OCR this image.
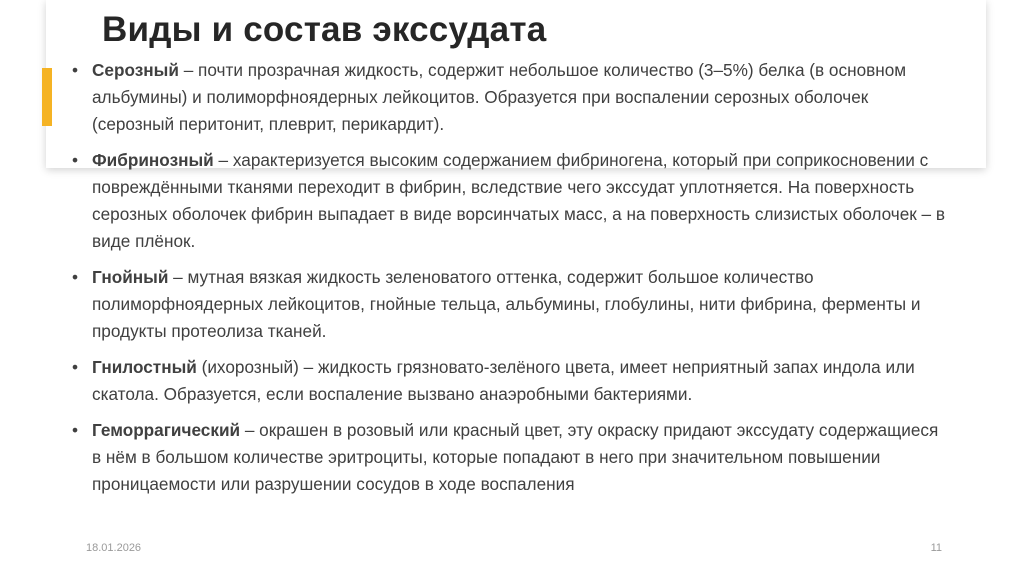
Виды и состав экссудата
• Серозный – почти прозрачная жидкость, содержит небольшое количество (3–5%) белка (в основном альбумины) и полиморфноядерных лейкоцитов. Образуется при воспалении серозных оболочек (серозный перитонит, плеврит, перикардит).
• Фибринозный – характеризуется высоким содержанием фибриногена, который при соприкосновении с повреждёнными тканями переходит в фибрин, вследствие чего экссудат уплотняется. На поверхность серозных оболочек фибрин выпадает в виде ворсинчатых масс, а на поверхность слизистых оболочек – в виде плёнок.
• Гнойный – мутная вязкая жидкость зеленоватого оттенка, содержит большое количество полиморфноядерных лейкоцитов, гнойные тельца, альбумины, глобулины, нити фибрина, ферменты и продукты протеолиза тканей.
• Гнилостный (ихорозный) – жидкость грязновато-зелёного цвета, имеет неприятный запах индола или скатола. Образуется, если воспаление вызвано анаэробными бактериями.
• Геморрагический – окрашен в розовый или красный цвет, эту окраску придают экссудату содержащиеся в нём в большом количестве эритроциты, которые попадают в него при значительном повышении проницаемости или разрушении сосудов в ходе воспаления
18.01.2026	11
